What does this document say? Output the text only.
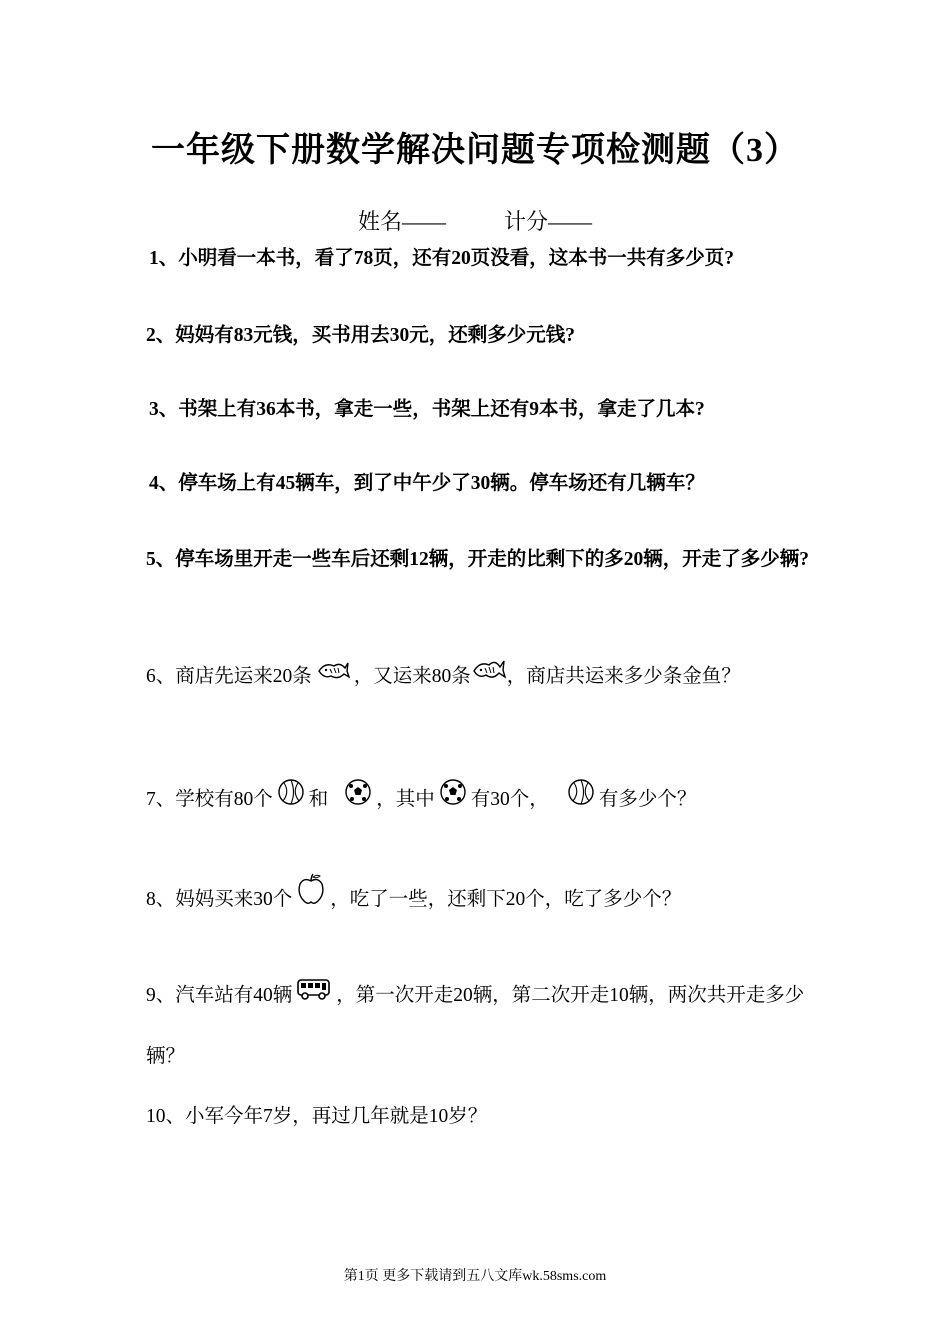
一年级下册数学解决问题专项检测题（3）
姓名——	计分——
1、小明看一本书，看了78页，还有20页没看，这本书一共有多少页?
2、妈妈有83元钱，买书用去30元，还剩多少元钱?
3、书架上有36本书，拿走一些，书架上还有9本书，拿走了几本?
4、停车场上有45辆车，到了中午少了30辆。停车场还有几辆车？
5、停车场里开走一些车后还剩12辆，开走的比剩下的多20辆，开走了多少辆?
6、商店先运来20条 ，又运来80条 ，商店共运来多少条金鱼？
7、学校有80个 和 ，其中 有30个，	有多少个？
8、妈妈买来30个 ，吃了一些，还剩下20个，吃了多少个？
9、汽车站有40辆 ，第一次开走20辆，第二次开走10辆，两次共开走多少辆？
10、小军今年7岁，再过几年就是10岁？
第1页 更多下载请到五八文库wk.58sms.com
